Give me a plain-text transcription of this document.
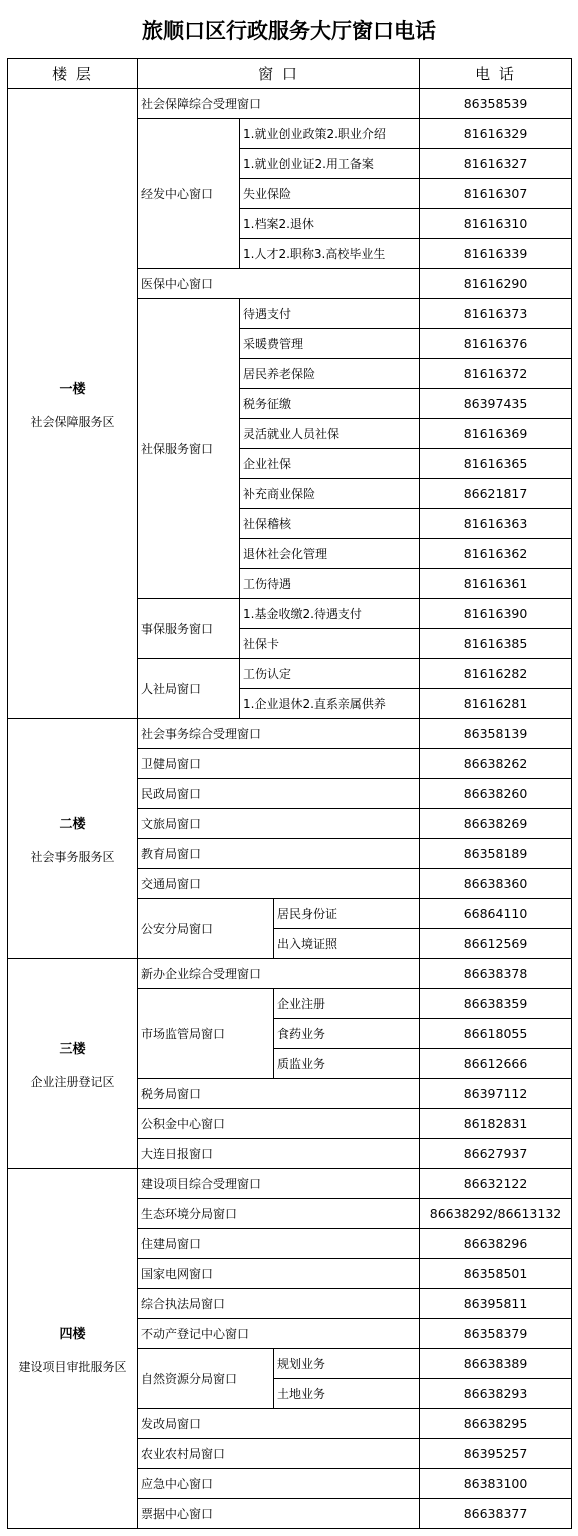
旅顺口区行政服务大厅窗口电话
楼 层	窗 口			电 话

一楼
社会保障服务区	社会保障综合受理窗口			86358539
	经发中心窗口	1.就业创业政策2.职业介绍		81616329
		1.就业创业证2.用工备案		81616327
		失业保险		81616307
		1.档案2.退休		81616310
		1.人才2.职称3.高校毕业生		81616339
	医保中心窗口			81616290
	社保服务窗口	待遇支付		81616373
		采暖费管理		81616376
		居民养老保险		81616372
		税务征缴		86397435
		灵活就业人员社保		81616369
		企业社保		81616365
		补充商业保险		86621817
		社保稽核		81616363
		退休社会化管理		81616362
		工伤待遇		81616361
	事保服务窗口	1.基金收缴2.待遇支付		81616390
		社保卡		81616385
	人社局窗口	工伤认定		81616282
		1.企业退休2.直系亲属供养		81616281

二楼
社会事务服务区	社会事务综合受理窗口			86358139
	卫健局窗口			86638262
	民政局窗口			86638260
	文旅局窗口			86638269
	教育局窗口			86358189
	交通局窗口			86638360
	公安分局窗口		居民身份证	66864110
			出入境证照	86612569

三楼
企业注册登记区	新办企业综合受理窗口			86638378
	市场监管局窗口		企业注册	86638359
			食药业务	86618055
			质监业务	86612666
	税务局窗口			86397112
	公积金中心窗口			86182831
	大连日报窗口			86627937

四楼
建设项目审批服务区	建设项目综合受理窗口			86632122
	生态环境分局窗口			86638292/86613132
	住建局窗口			86638296
	国家电网窗口			86358501
	综合执法局窗口			86395811
	不动产登记中心窗口			86358379
	自然资源分局窗口		规划业务	86638389
			土地业务	86638293
	发改局窗口			86638295
	农业农村局窗口			86395257
	应急中心窗口			86383100
	票据中心窗口			86638377
